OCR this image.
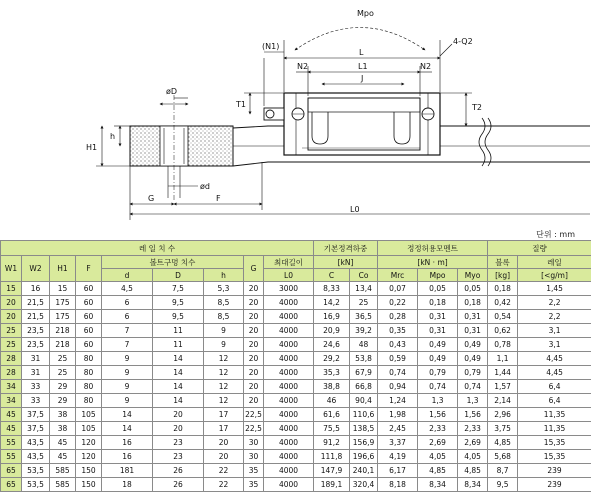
Mpo
(N1)
L
4-Q2
N2	L1	N2
J
øD
T1	T2
h
H1
ød
G	F
L0
단위 : mm
레 일 치 수									기본정격하중		정정허용모멘트			질량	
W1	W2	H1	F	볼트구멍 치수			G	최대길이	[kN]		[kN · m]			블록	레일
				d	D	h		L0	C	Co	Mrc	Mpo	Myo	[kg]	[<g/m]
15	16	15	60	4,5	7,5	5,3	20	3000	8,33	13,4	0,07	0,05	0,05	0,18	1,45
20	21,5	175	60	6	9,5	8,5	20	4000	14,2	25	0,22	0,18	0,18	0,42	2,2
20	21,5	175	60	6	9,5	8,5	20	4000	16,9	36,5	0,28	0,31	0,31	0,54	2,2
25	23,5	218	60	7	11	9	20	4000	20,9	39,2	0,35	0,31	0,31	0,62	3,1
25	23,5	218	60	7	11	9	20	4000	24,6	48	0,43	0,49	0,49	0,78	3,1
28	31	25	80	9	14	12	20	4000	29,2	53,8	0,59	0,49	0,49	1,1	4,45
28	31	25	80	9	14	12	20	4000	35,3	67,9	0,74	0,79	0,79	1,44	4,45
34	33	29	80	9	14	12	20	4000	38,8	66,8	0,94	0,74	0,74	1,57	6,4
34	33	29	80	9	14	12	20	4000	46	90,4	1,24	1,3	1,3	2,14	6,4
45	37,5	38	105	14	20	17	22,5	4000	61,6	110,6	1,98	1,56	1,56	2,96	11,35
45	37,5	38	105	14	20	17	22,5	4000	75,5	138,5	2,45	2,33	2,33	3,75	11,35
55	43,5	45	120	16	23	20	30	4000	91,2	156,9	3,37	2,69	2,69	4,85	15,35
55	43,5	45	120	16	23	20	30	4000	111,8	196,6	4,19	4,05	4,05	5,68	15,35
65	53,5	585	150	181	26	22	35	4000	147,9	240,1	6,17	4,85	4,85	8,7	239
65	53,5	585	150	18	26	22	35	4000	189,1	320,4	8,18	8,34	8,34	9,5	239
